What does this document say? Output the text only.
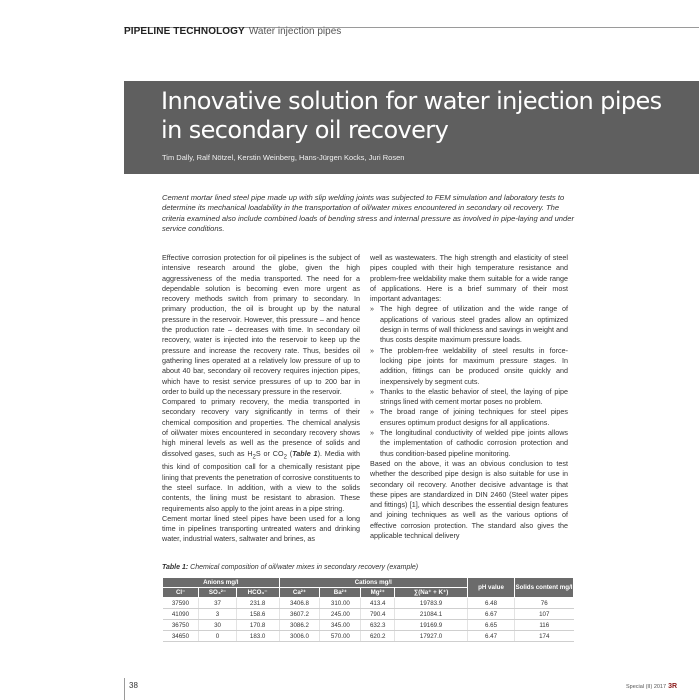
PIPELINE TECHNOLOGY Water injection pipes
Innovative solution for water injection pipes in secondary oil recovery
Tim Dally, Ralf Nötzel, Kerstin Weinberg, Hans-Jürgen Kocks, Juri Rosen
Cement mortar lined steel pipe made up with slip welding joints was subjected to FEM simulation and laboratory tests to determine its mechanical loadability in the transportation of oil/water mixes encountered in secondary oil recovery. The criteria examined also include combined loads of bending stress and internal pressure as involved in pipe-laying and under service conditions.

Effective corrosion protection for oil pipelines is the subject of intensive research around the globe, given the high aggressiveness of the media transported. The need for a dependable solution is becoming even more urgent as recovery methods switch from primary to secondary. In primary production, the oil is brought up by the natural pressure in the reservoir. However, this pressure – and hence the production rate – decreases with time. In secondary oil recovery, water is injected into the reservoir to keep up the pressure and increase the recovery rate. Thus, besides oil gathering lines operated at a relatively low pressure of up to about 40 bar, secondary oil recovery requires injection pipes, which have to resist service pressures of up to 200 bar in order to build up the necessary pressure in the reservoir.

Compared to primary recovery, the media transported in secondary recovery vary significantly in terms of their chemical composition and properties. The chemical analysis of oil/water mixes encountered in secondary recovery shows high mineral levels as well as the presence of solids and dissolved gases, such as $H_2S$ or $CO_2$ (Table 1). Media with this kind of composition call for a chemically resistant pipe lining that prevents the penetration of corrosive constituents to the steel surface. In addition, with a view to the solids contents, the lining must be resistant to abrasion. These requirements also apply to the joint areas in a pipe string.

Cement mortar lined steel pipes have been used for a long time in pipelines transporting untreated waters and drinking water, industrial waters, saltwater and brines, as

well as wastewaters. The high strength and elasticity of steel pipes coupled with their high temperature resistance and problem-free weldability make them suitable for a wide range of applications. Here is a brief summary of their most important advantages:

» The high degree of utilization and the wide range of applications of various steel grades allow an optimized design in terms of wall thickness and savings in weight and thus costs despite maximum pressure loads.
» The problem-free weldability of steel results in force-locking pipe joints for maximum pressure stages. In addition, fittings can be produced onsite quickly and inexpensively by segment cuts.
» Thanks to the elastic behavior of steel, the laying of pipe strings lined with cement mortar poses no problem.
» The broad range of joining techniques for steel pipes ensures optimum product designs for all applications.
» The longitudinal conductivity of welded pipe joints allows the implementation of cathodic corrosion protection and thus condition-based pipeline monitoring.

Based on the above, it was an obvious conclusion to test whether the described pipe design is also suitable for use in secondary oil recovery. Another decisive advantage is that these pipes are standardized in DIN 2460 (Steel water pipes and fittings) [1], which describes the essential design features and joining techniques as well as the various options of effective corrosion protection. The standard also gives the applicable technical delivery

Table 1: Chemical composition of oil/water mixes in secondary recovery (example)
Anions mg/l			Cations mg/l				pH value	Solids content mg/l
Cl⁻	SO₄²⁻	HCO₃⁻	Ca²⁺	Ba²⁺	Mg²⁺	∑(Na⁺ + K⁺)		
37590	37	231.8	3406.8	310.00	413.4	19783.9	6.48	76
41090	3	158.6	3607.2	245.00	790.4	21084.1	6.67	107
36750	30	170.8	3086.2	345.00	632.3	19169.9	6.65	116
34650	0	183.0	3006.0	570.00	620.2	17927.0	6.47	174
38	Special (II) 2017 3R
